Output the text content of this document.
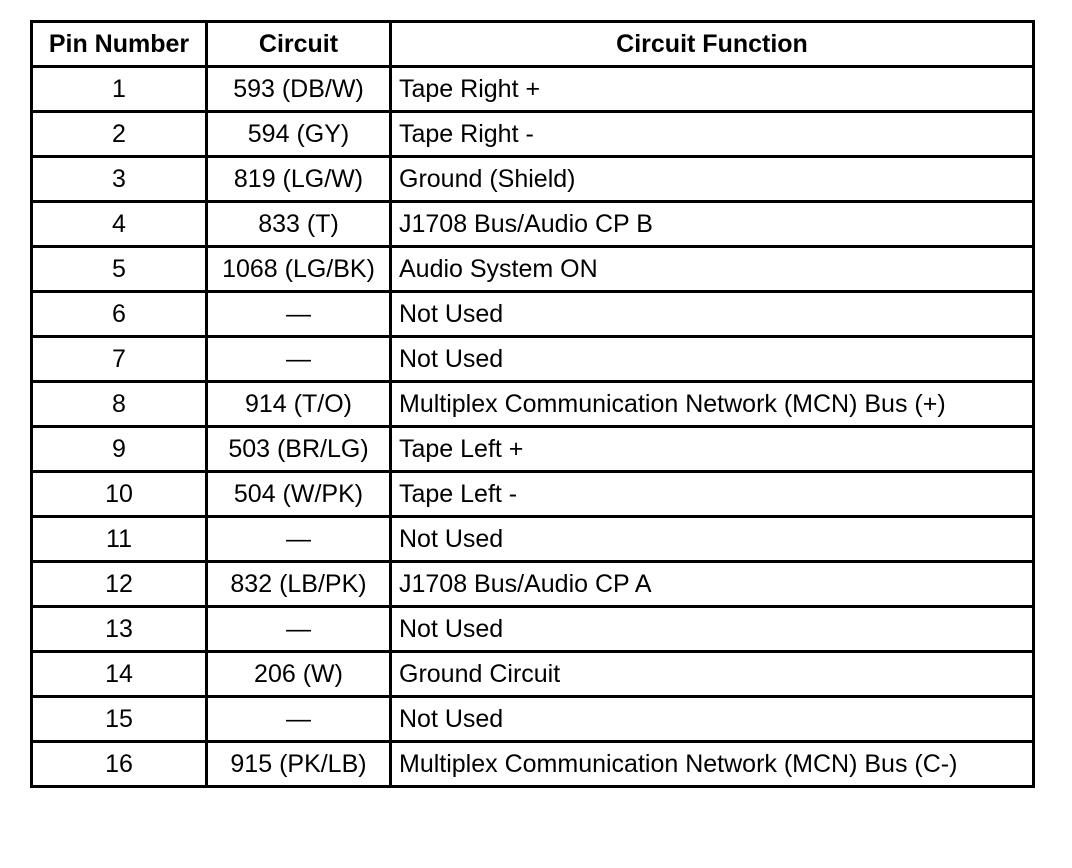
Pin Number	Circuit	Circuit Function
1	593 (DB/W)	Tape Right +
2	594 (GY)	Tape Right -
3	819 (LG/W)	Ground (Shield)
4	833 (T)	J1708 Bus/Audio CP B
5	1068 (LG/BK)	Audio System ON
6	—	Not Used
7	—	Not Used
8	914 (T/O)	Multiplex Communication Network (MCN) Bus (+)
9	503 (BR/LG)	Tape Left +
10	504 (W/PK)	Tape Left -
11	—	Not Used
12	832 (LB/PK)	J1708 Bus/Audio CP A
13	—	Not Used
14	206 (W)	Ground Circuit
15	—	Not Used
16	915 (PK/LB)	Multiplex Communication Network (MCN) Bus (C-)
